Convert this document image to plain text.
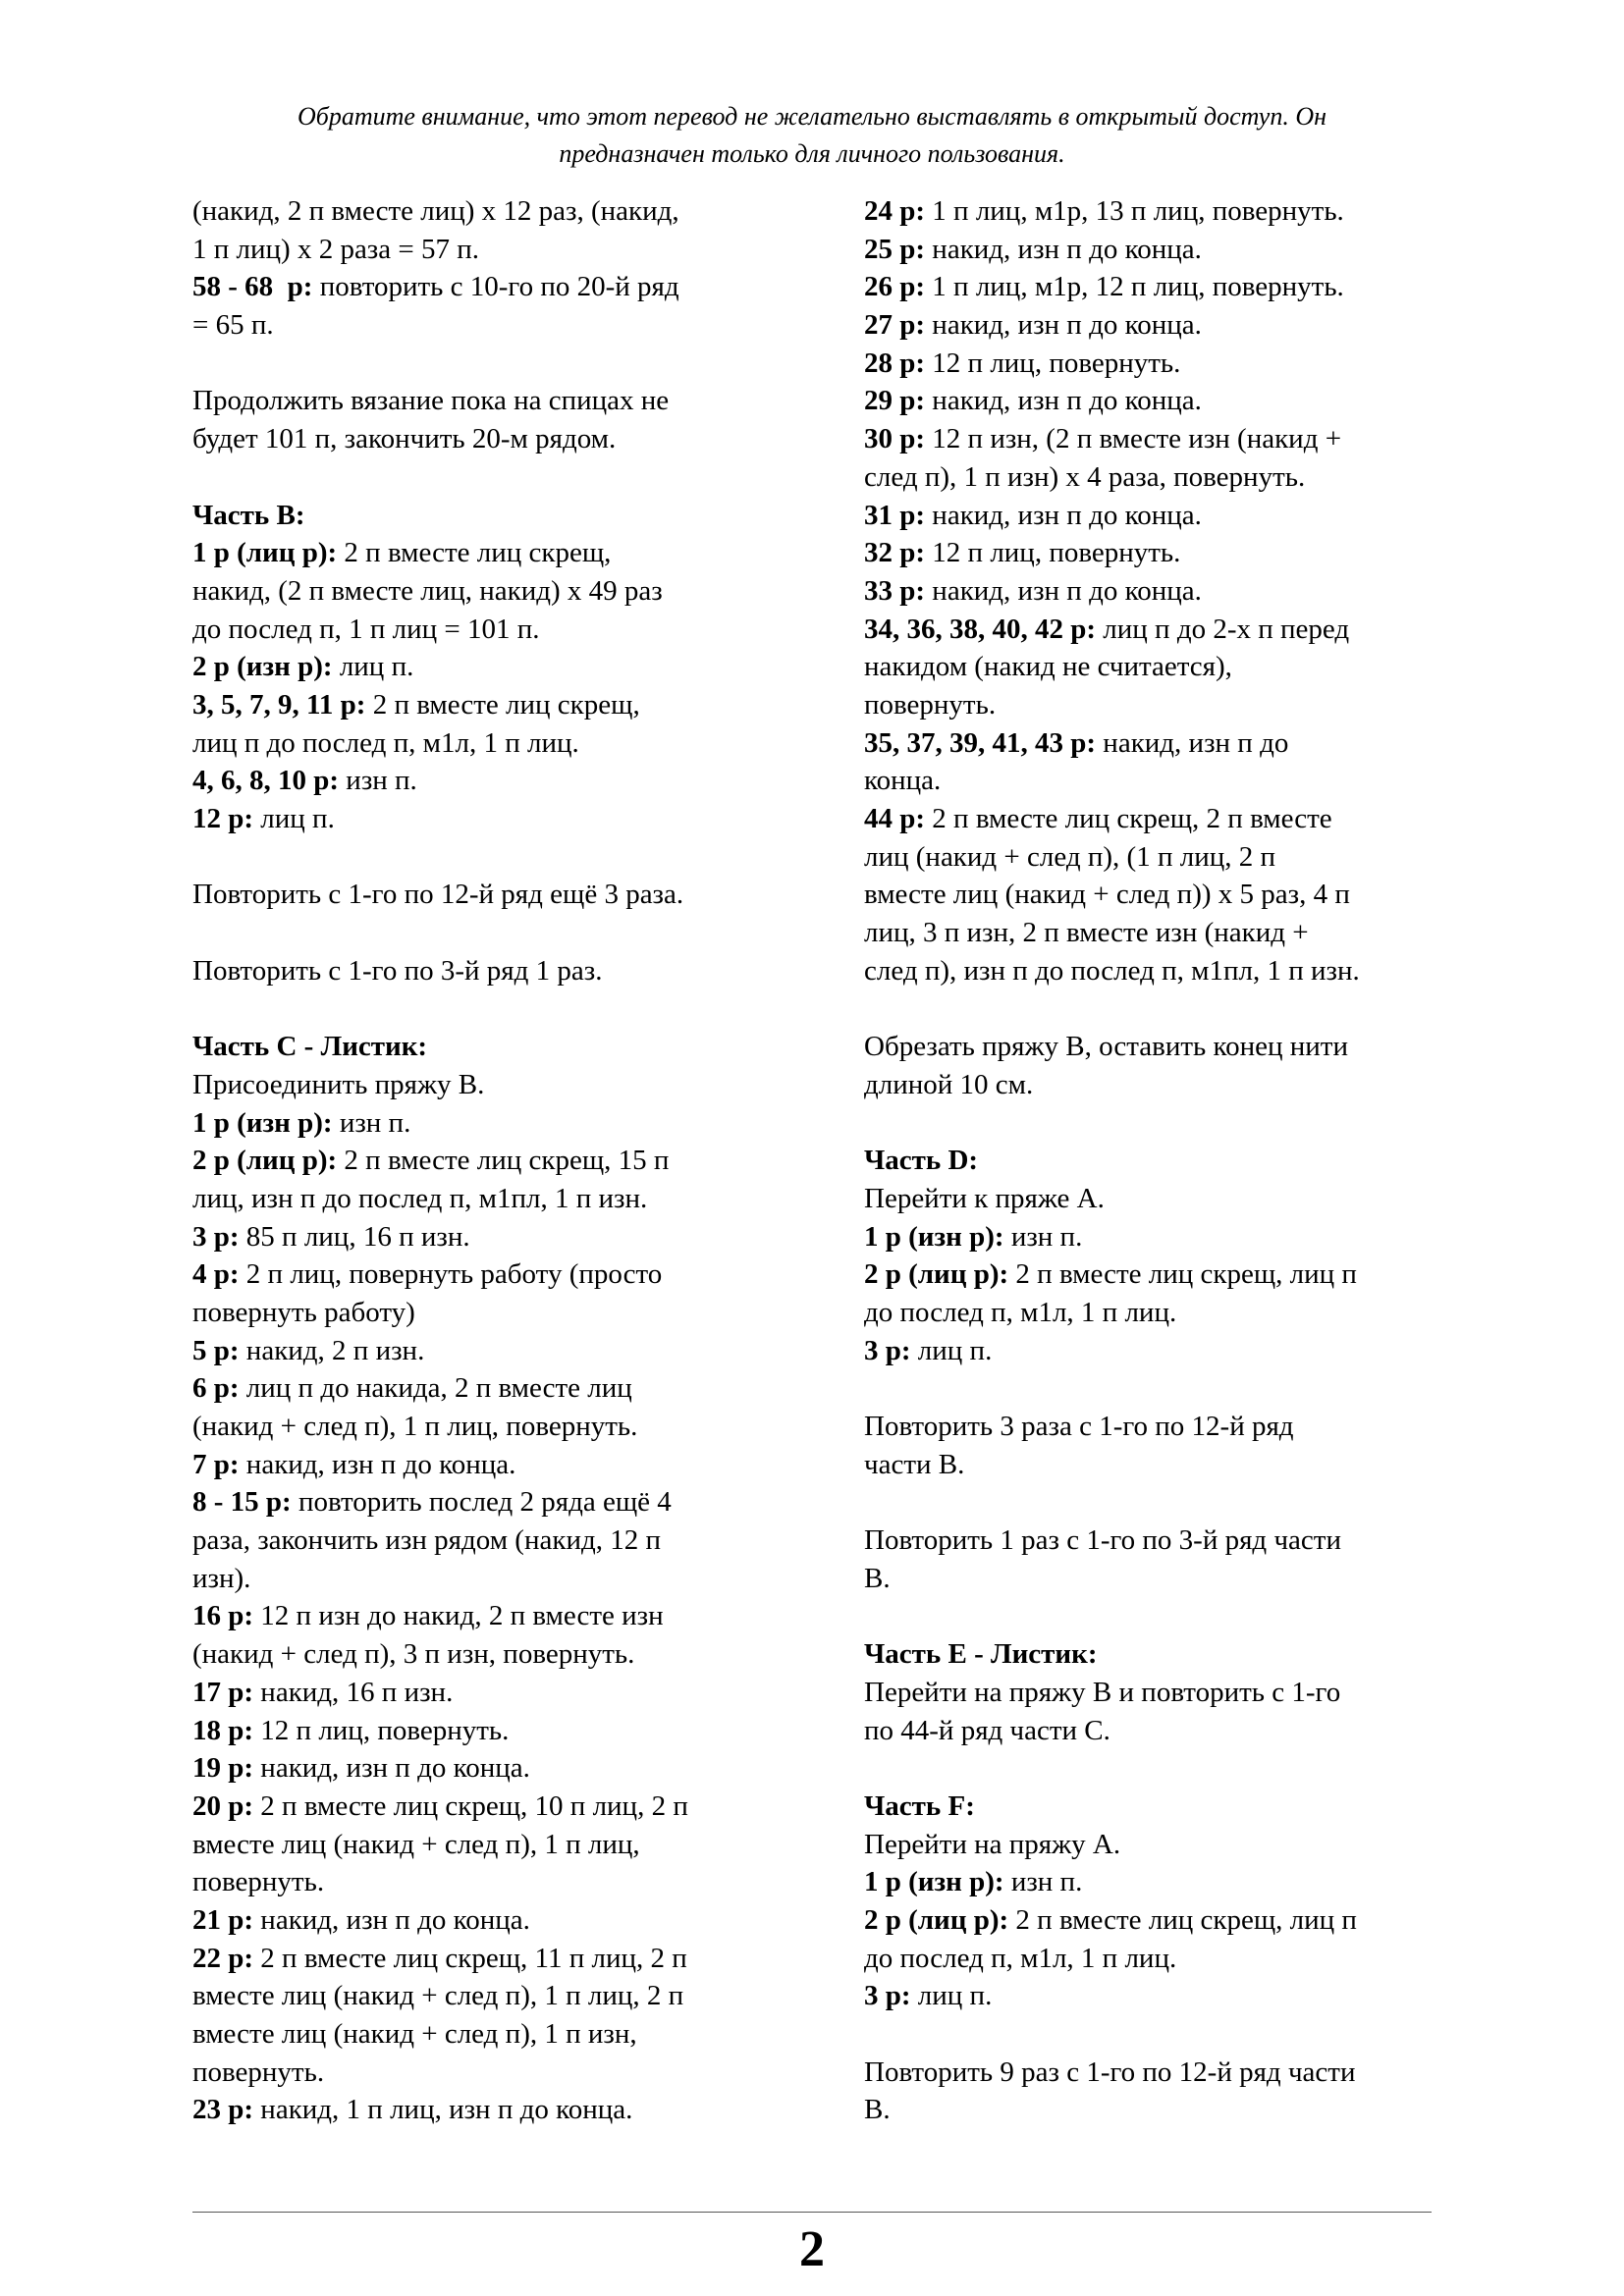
Обратите внимание, что этот перевод не желательно выставлять в открытый доступ. Он
предназначен только для личного пользования.
(накид, 2 п вместе лиц) x 12 раз, (накид,
1 п лиц) x 2 раза = 57 п.
58 - 68  р: повторить с 10-го по 20-й ряд
= 65 п.
Продолжить вязание пока на спицах не
будет 101 п, закончить 20-м рядом.
Часть В:
1 р (лиц р): 2 п вместе лиц скрещ,
накид, (2 п вместе лиц, накид) x 49 раз
до послед п, 1 п лиц = 101 п.
2 р (изн р): лиц п.
3, 5, 7, 9, 11 р: 2 п вместе лиц скрещ,
лиц п до послед п, м1л, 1 п лиц.
4, 6, 8, 10 р: изн п.
12 р: лиц п.
Повторить с 1-го по 12-й ряд ещё 3 раза.
Повторить с 1-го по 3-й ряд 1 раз.
Часть С - Листик:
Присоединить пряжу В.
1 р (изн р): изн п.
2 р (лиц р): 2 п вместе лиц скрещ, 15 п
лиц, изн п до послед п, м1пл, 1 п изн.
3 р: 85 п лиц, 16 п изн.
4 р: 2 п лиц, повернуть работу (просто
повернуть работу)
5 р: накид, 2 п изн.
6 р: лиц п до накида, 2 п вместе лиц
(накид + след п), 1 п лиц, повернуть.
7 р: накид, изн п до конца.
8 - 15 р: повторить послед 2 ряда ещё 4
раза, закончить изн рядом (накид, 12 п
изн).
16 р: 12 п изн до накид, 2 п вместе изн
(накид + след п), 3 п изн, повернуть.
17 р: накид, 16 п изн.
18 р: 12 п лиц, повернуть.
19 р: накид, изн п до конца.
20 р: 2 п вместе лиц скрещ, 10 п лиц, 2 п
вместе лиц (накид + след п), 1 п лиц,
повернуть.
21 р: накид, изн п до конца.
22 р: 2 п вместе лиц скрещ, 11 п лиц, 2 п
вместе лиц (накид + след п), 1 п лиц, 2 п
вместе лиц (накид + след п), 1 п изн,
повернуть.
23 р: накид, 1 п лиц, изн п до конца.
24 р: 1 п лиц, м1р, 13 п лиц, повернуть.
25 р: накид, изн п до конца.
26 р: 1 п лиц, м1р, 12 п лиц, повернуть.
27 р: накид, изн п до конца.
28 р: 12 п лиц, повернуть.
29 р: накид, изн п до конца.
30 р: 12 п изн, (2 п вместе изн (накид +
след п), 1 п изн) x 4 раза, повернуть.
31 р: накид, изн п до конца.
32 р: 12 п лиц, повернуть.
33 р: накид, изн п до конца.
34, 36, 38, 40, 42 р: лиц п до 2-х п перед
накидом (накид не считается),
повернуть.
35, 37, 39, 41, 43 р: накид, изн п до
конца.
44 р: 2 п вместе лиц скрещ, 2 п вместе
лиц (накид + след п), (1 п лиц, 2 п
вместе лиц (накид + след п)) x 5 раз, 4 п
лиц, 3 п изн, 2 п вместе изн (накид +
след п), изн п до послед п, м1пл, 1 п изн.
Обрезать пряжу В, оставить конец нити
длиной 10 см.
Часть D:
Перейти к пряже А.
1 р (изн р): изн п.
2 р (лиц р): 2 п вместе лиц скрещ, лиц п
до послед п, м1л, 1 п лиц.
3 р: лиц п.
Повторить 3 раза с 1-го по 12-й ряд
части В.
Повторить 1 раз с 1-го по 3-й ряд части
В.
Часть Е - Листик:
Перейти на пряжу В и повторить с 1-го
по 44-й ряд части С.
Часть F:
Перейти на пряжу А.
1 р (изн р): изн п.
2 р (лиц р): 2 п вместе лиц скрещ, лиц п
до послед п, м1л, 1 п лиц.
3 р: лиц п.
Повторить 9 раз с 1-го по 12-й ряд части
В.
2
